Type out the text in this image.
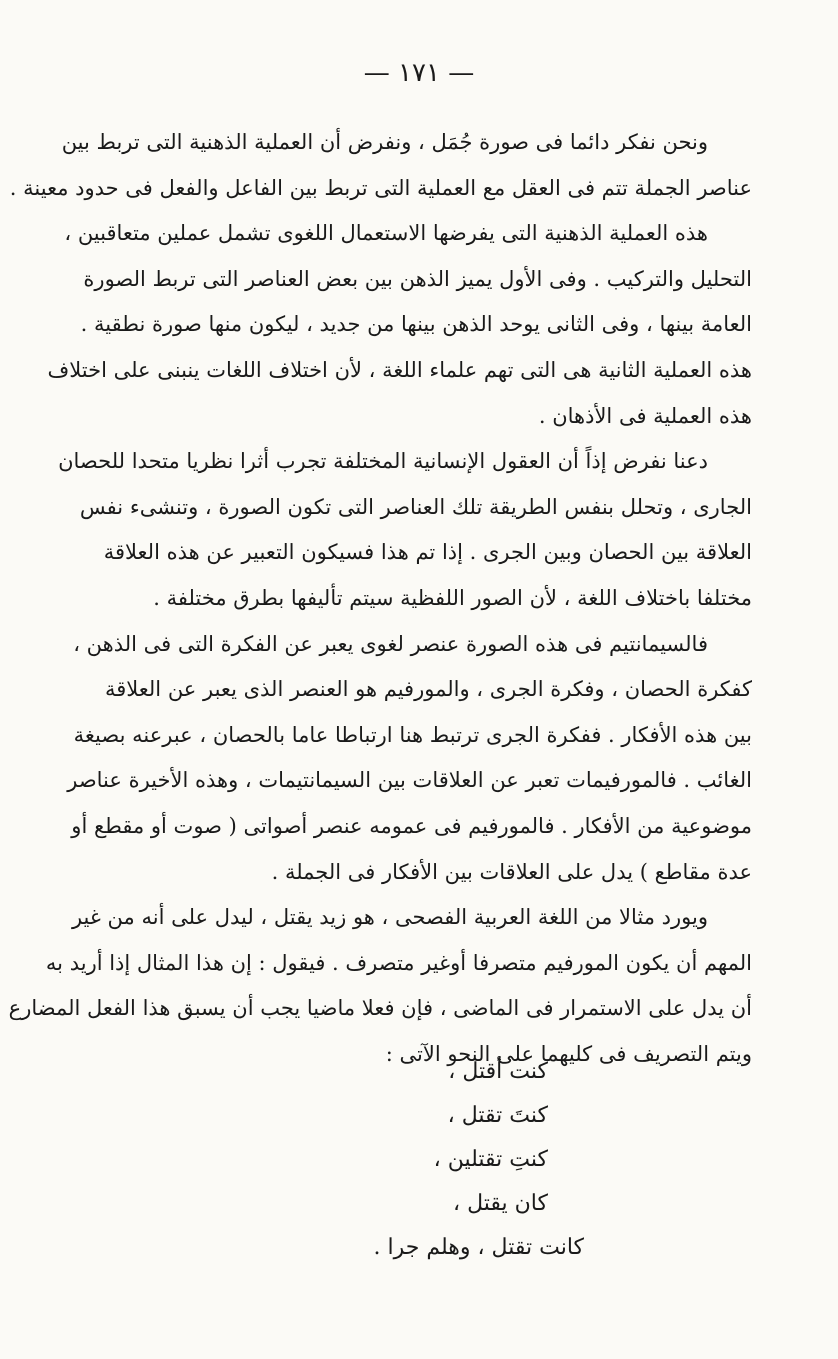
— ١٧١ —
ونحن نفكر دائما فى صورة جُمَل ، ونفرض أن العملية الذهنية التى تربط بين
عناصر الجملة تتم فى العقل مع العملية التى تربط بين الفاعل والفعل فى حدود معينة .
هذه العملية الذهنية التى يفرضها الاستعمال اللغوى تشمل عملين متعاقبين ،
التحليل والتركيب . وفى الأول يميز الذهن بين بعض العناصر التى تربط الصورة
العامة بينها ، وفى الثانى يوحد الذهن بينها من جديد ، ليكون منها صورة نطقية .
هذه العملية الثانية هى التى تهم علماء اللغة ، لأن اختلاف اللغات ينبنى على اختلاف
هذه العملية فى الأذهان .
دعنا نفرض إذاً أن العقول الإنسانية المختلفة تجرب أثرا نظريا متحدا للحصان
الجارى ، وتحلل بنفس الطريقة تلك العناصر التى تكون الصورة ، وتنشىء نفس
العلاقة بين الحصان وبين الجرى . إذا تم هذا فسيكون التعبير عن هذه العلاقة
مختلفا باختلاف اللغة ، لأن الصور اللفظية سيتم تأليفها بطرق مختلفة .
فالسيمانتيم فى هذه الصورة عنصر لغوى يعبر عن الفكرة التى فى الذهن ،
كفكرة الحصان ، وفكرة الجرى ، والمورفيم هو العنصر الذى يعبر عن العلاقة
بين هذه الأفكار . ففكرة الجرى ترتبط هنا ارتباطا عاما بالحصان ، عبرعنه بصيغة
الغائب . فالمورفيمات تعبر عن العلاقات بين السيمانتيمات ، وهذه الأخيرة عناصر
موضوعية من الأفكار . فالمورفيم فى عمومه عنصر أصواتى ( صوت أو مقطع أو
عدة مقاطع ) يدل على العلاقات بين الأفكار فى الجملة .
ويورد مثالا من اللغة العربية الفصحى ، هو زيد يقتل ، ليدل على أنه من غير
المهم أن يكون المورفيم متصرفا أوغير متصرف . فيقول : إن هذا المثال إذا أريد به
أن يدل على الاستمرار فى الماضى ، فإن فعلا ماضيا يجب أن يسبق هذا الفعل المضارع
ويتم التصريف فى كليهما على النحو الآتى :
كنت أقتل ،
كنتَ تقتل ،
كنتِ تقتلين ،
كان يقتل ،
كانت تقتل ، وهلم جرا .
